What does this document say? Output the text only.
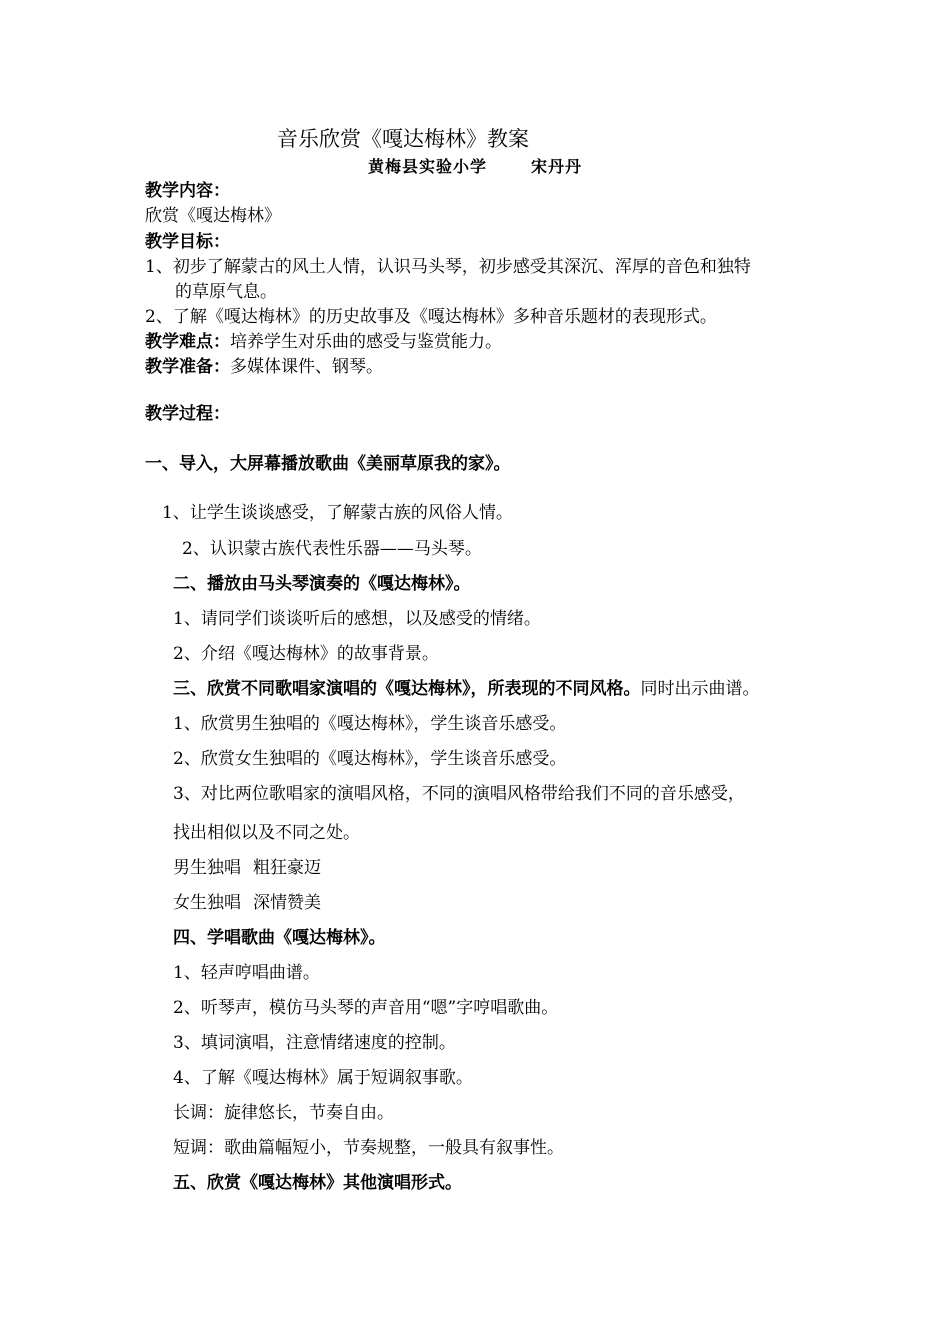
音乐欣赏《嘎达梅林》教案
黄梅县实验小学	宋丹丹
教学内容：
欣赏《嘎达梅林》
教学目标：
1、初步了解蒙古的风土人情，认识马头琴，初步感受其深沉、浑厚的音色和独特
的草原气息。
2、了解《嘎达梅林》的历史故事及《嘎达梅林》多种音乐题材的表现形式。
教学难点：培养学生对乐曲的感受与鉴赏能力。
教学准备：多媒体课件、钢琴。
教学过程：
一、导入，大屏幕播放歌曲《美丽草原我的家》。
1、让学生谈谈感受，了解蒙古族的风俗人情。
2、认识蒙古族代表性乐器——马头琴。
二、播放由马头琴演奏的《嘎达梅林》。
1、请同学们谈谈听后的感想，以及感受的情绪。
2、介绍《嘎达梅林》的故事背景。
三、欣赏不同歌唱家演唱的《嘎达梅林》，所表现的不同风格。同时出示曲谱。
1、欣赏男生独唱的《嘎达梅林》，学生谈音乐感受。
2、欣赏女生独唱的《嘎达梅林》，学生谈音乐感受。
3、对比两位歌唱家的演唱风格，不同的演唱风格带给我们不同的音乐感受，
找出相似以及不同之处。
男生独唱 粗狂豪迈
女生独唱 深情赞美
四、学唱歌曲《嘎达梅林》。
1、轻声哼唱曲谱。
2、听琴声，模仿马头琴的声音用“嗯”字哼唱歌曲。
3、填词演唱，注意情绪速度的控制。
4、了解《嘎达梅林》属于短调叙事歌。
长调：旋律悠长，节奏自由。
短调：歌曲篇幅短小，节奏规整，一般具有叙事性。
五、欣赏《嘎达梅林》其他演唱形式。
